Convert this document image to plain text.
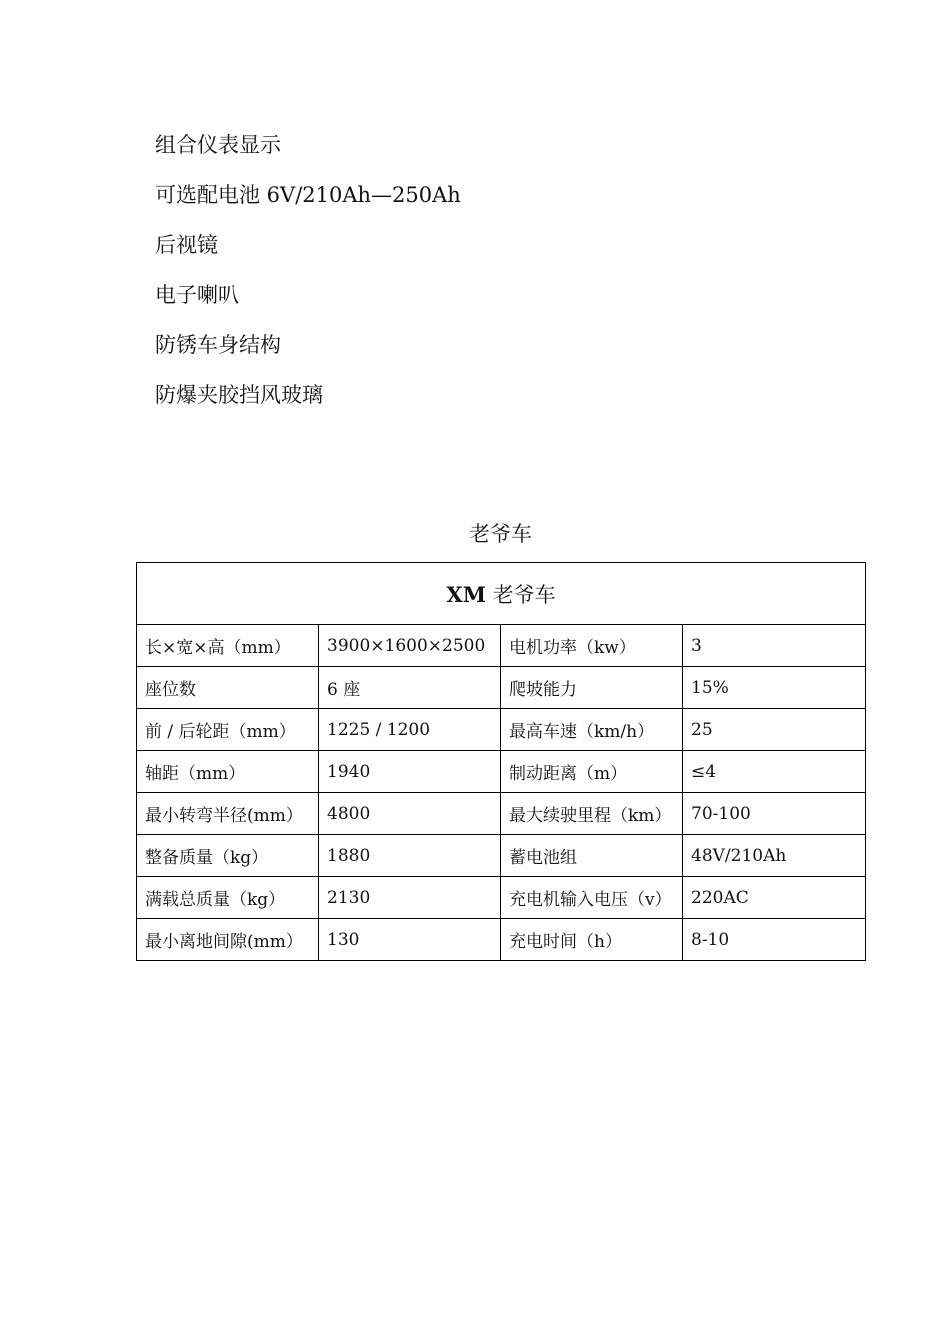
组合仪表显示
可选配电池 6V/210Ah—250Ah
后视镜
电子喇叭
防锈车身结构
防爆夹胶挡风玻璃
老爷车
XM 老爷车			
长×宽×高（mm）	3900×1600×2500	电机功率（kw）	3
座位数	6 座	爬坡能力	15%
前 / 后轮距（mm）	1225 / 1200	最高车速（km/h）	25
轴距（mm）	1940	制动距离（m）	≤4
最小转弯半径(mm）	4800	最大续驶里程（km）	70-100
整备质量（kg）	1880	蓄电池组	48V/210Ah
满载总质量（kg）	2130	充电机输入电压（v）	220AC
最小离地间隙(mm）	130	充电时间（h）	8-10
